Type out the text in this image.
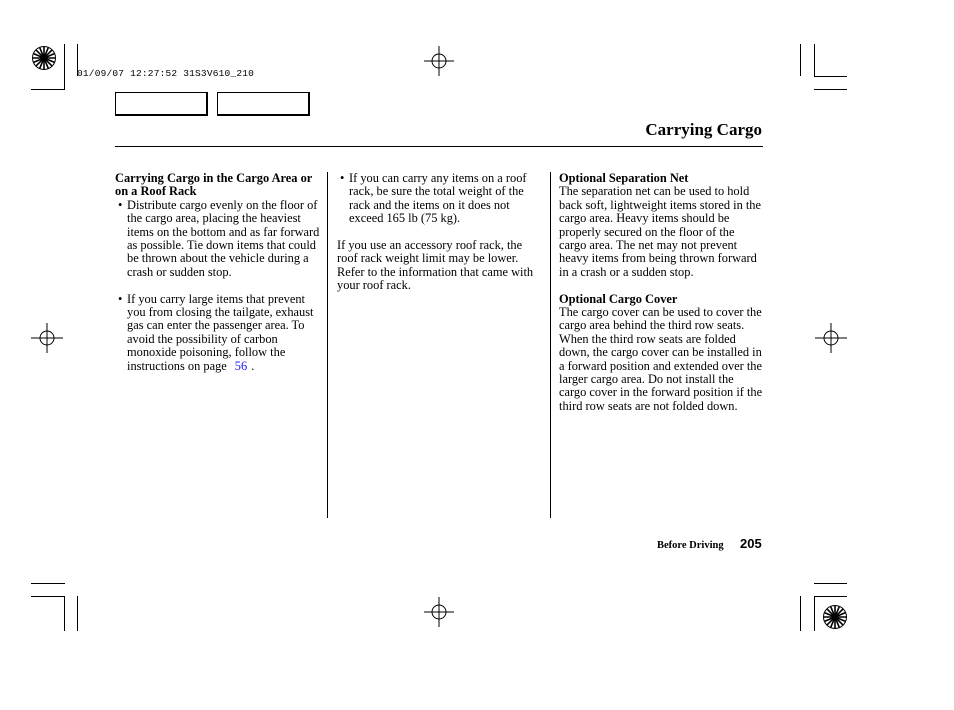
01/09/07 12:27:52 31S3V610_210
Carrying Cargo

Carrying Cargo in the Cargo Area or on a Roof Rack

• Distribute cargo evenly on the floor of the cargo area, placing the heaviest items on the bottom and as far forward as possible. Tie down items that could be thrown about the vehicle during a crash or sudden stop.

• If you carry large items that prevent you from closing the tailgate, exhaust gas can enter the passenger area. To avoid the possibility of carbon monoxide poisoning, follow the instructions on page 56 .

• If you can carry any items on a roof rack, be sure the total weight of the rack and the items on it does not exceed 165 lb (75 kg).

If you use an accessory roof rack, the roof rack weight limit may be lower. Refer to the information that came with your roof rack.

Optional Separation Net

The separation net can be used to hold back soft, lightweight items stored in the cargo area. Heavy items should be properly secured on the floor of the cargo area. The net may not prevent heavy items from being thrown forward in a crash or a sudden stop.

Optional Cargo Cover

The cargo cover can be used to cover the cargo area behind the third row seats. When the third row seats are folded down, the cargo cover can be installed in a forward position and extended over the larger cargo area. Do not install the cargo cover in the forward position if the third row seats are not folded down.

Before Driving 205
